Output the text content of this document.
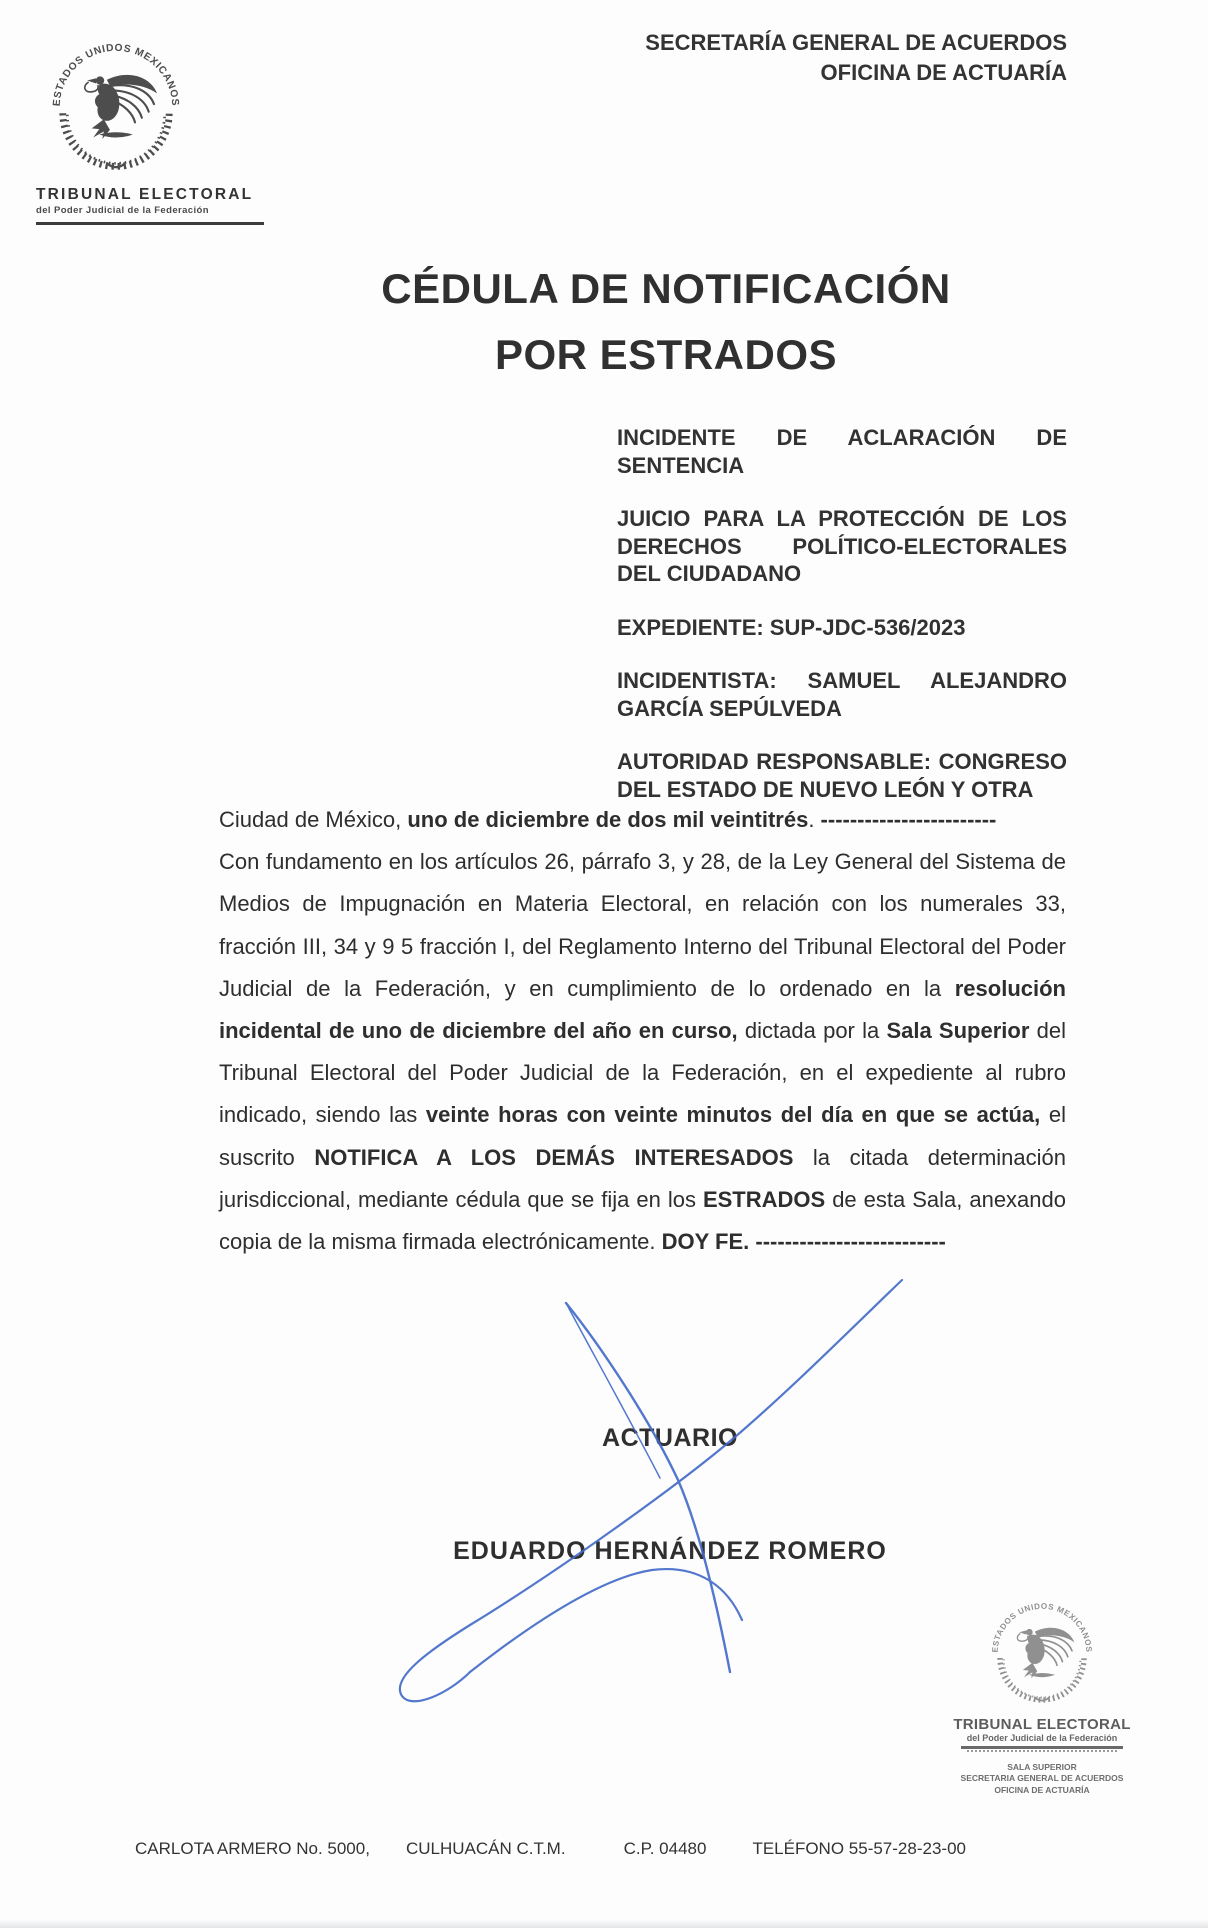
TRIBUNAL ELECTORAL
del Poder Judicial de la Federación
SECRETARÍA GENERAL DE ACUERDOS
OFICINA DE ACTUARÍA
CÉDULA DE NOTIFICACIÓN
POR ESTRADOS

INCIDENTE DE ACLARACIÓN DE SENTENCIA

JUICIO PARA LA PROTECCIÓN DE LOS DERECHOS POLÍTICO-ELECTORALES DEL CIUDADANO

EXPEDIENTE: SUP-JDC-536/2023

INCIDENTISTA: SAMUEL ALEJANDRO GARCÍA SEPÚLVEDA

AUTORIDAD RESPONSABLE: CONGRESO DEL ESTADO DE NUEVO LEÓN Y OTRA

Ciudad de México, uno de diciembre de dos mil veintitrés. ------------------------

Con fundamento en los artículos 26, párrafo 3, y 28, de la Ley General del Sistema de Medios de Impugnación en Materia Electoral, en relación con los numerales 33, fracción III, 34 y 9 5 fracción I, del Reglamento Interno del Tribunal Electoral del Poder Judicial de la Federación, y en cumplimiento de lo ordenado en la resolución incidental de uno de diciembre del año en curso, dictada por la Sala Superior del Tribunal Electoral del Poder Judicial de la Federación, en el expediente al rubro indicado, siendo las veinte horas con veinte minutos del día en que se actúa, el suscrito NOTIFICA A LOS DEMÁS INTERESADOS la citada determinación jurisdiccional, mediante cédula que se fija en los ESTRADOS de esta Sala, anexando copia de la misma firmada electrónicamente. DOY FE. --------------------------

ACTUARIO
EDUARDO HERNÁNDEZ ROMERO
TRIBUNAL ELECTORAL
del Poder Judicial de la Federación
SALA SUPERIOR
SECRETARIA GENERAL DE ACUERDOS
OFICINA DE ACTUARÍA
CARLOTA ARMERO No. 5000, CULHUACÁN C.T.M.	C.P. 04480	TELÉFONO 55-57-28-23-00
